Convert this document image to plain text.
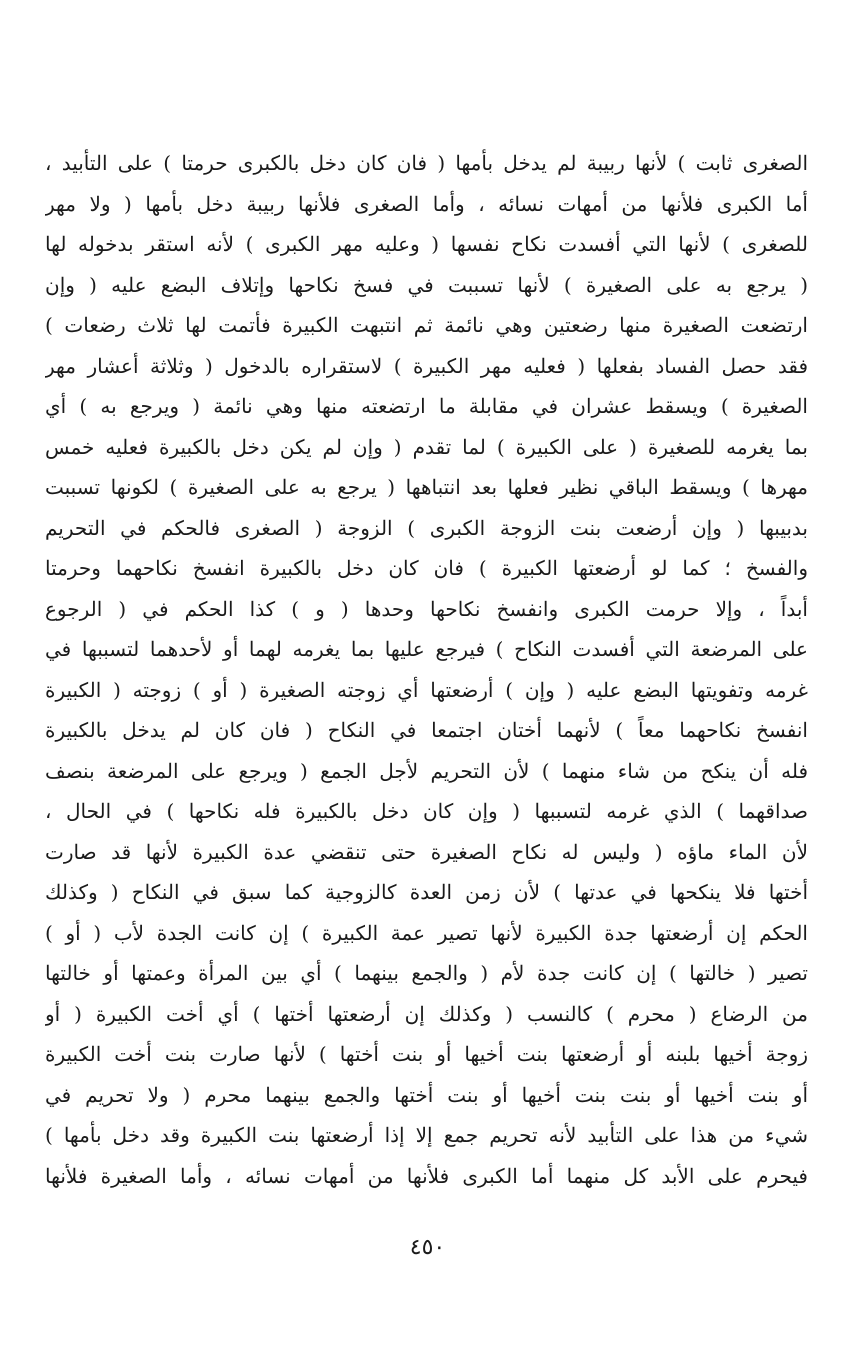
الصغرى ثابت ) لأنها ربيبة لم يدخل بأمها ( فان كان دخل بالكبرى حرمتا ) على التأبيد ،
أما الكبرى فلأنها من أمهات نسائه ، وأما الصغرى فلأنها ربيبة دخل بأمها ( ولا مهر
للصغرى ) لأنها التي أفسدت نكاح نفسها ( وعليه مهر الكبرى ) لأنه استقر بدخوله لها
( يرجع به على الصغيرة ) لأنها تسببت في فسخ نكاحها وإتلاف البضع عليه ( وإن
ارتضعت الصغيرة منها رضعتين وهي نائمة ثم انتبهت الكبيرة فأتمت لها ثلاث رضعات )
فقد حصل الفساد بفعلها ( فعليه مهر الكبيرة ) لاستقراره بالدخول ( وثلاثة أعشار مهر
الصغيرة ) ويسقط عشران في مقابلة ما ارتضعته منها وهي نائمة ( ويرجع به ) أي
بما يغرمه للصغيرة ( على الكبيرة ) لما تقدم ( وإن لم يكن دخل بالكبيرة فعليه خمس
مهرها ) ويسقط الباقي نظير فعلها بعد انتباهها ( يرجع به على الصغيرة ) لكونها تسببت
بدبيبها ( وإن أرضعت بنت الزوجة الكبرى ) الزوجة ( الصغرى فالحكم في التحريم
والفسخ ؛ كما لو أرضعتها الكبيرة ) فان كان دخل بالكبيرة انفسخ نكاحهما وحرمتا
أبداً ، وإلا حرمت الكبرى وانفسخ نكاحها وحدها ( و ) كذا الحكم في ( الرجوع
على المرضعة التي أفسدت النكاح ) فيرجع عليها بما يغرمه لهما أو لأحدهما لتسببها في
غرمه وتفويتها البضع عليه ( وإن ) أرضعتها أي زوجته الصغيرة ( أو ) زوجته ( الكبيرة
انفسخ نكاحهما معاً ) لأنهما أختان اجتمعا في النكاح ( فان كان لم يدخل بالكبيرة
فله أن ينكح من شاء منهما ) لأن التحريم لأجل الجمع ( ويرجع على المرضعة بنصف
صداقهما ) الذي غرمه لتسببها ( وإن كان دخل بالكبيرة فله نكاحها ) في الحال ،
لأن الماء ماؤه ( وليس له نكاح الصغيرة حتى تنقضي عدة الكبيرة لأنها قد صارت
أختها فلا ينكحها في عدتها ) لأن زمن العدة كالزوجية كما سبق في النكاح ( وكذلك
الحكم إن أرضعتها جدة الكبيرة لأنها تصير عمة الكبيرة ) إن كانت الجدة لأب ( أو )
تصير ( خالتها ) إن كانت جدة لأم ( والجمع بينهما ) أي بين المرأة وعمتها أو خالتها
من الرضاع ( محرم ) كالنسب ( وكذلك إن أرضعتها أختها ) أي أخت الكبيرة ( أو
زوجة أخيها بلبنه أو أرضعتها بنت أخيها أو بنت أختها ) لأنها صارت بنت أخت الكبيرة
أو بنت أخيها أو بنت بنت أخيها أو بنت أختها والجمع بينهما محرم ( ولا تحريم في
شيء من هذا على التأبيد لأنه تحريم جمع إلا إذا أرضعتها بنت الكبيرة وقد دخل بأمها )
فيحرم على الأبد كل منهما أما الكبرى فلأنها من أمهات نسائه ، وأما الصغيرة فلأنها
٤٥٠
